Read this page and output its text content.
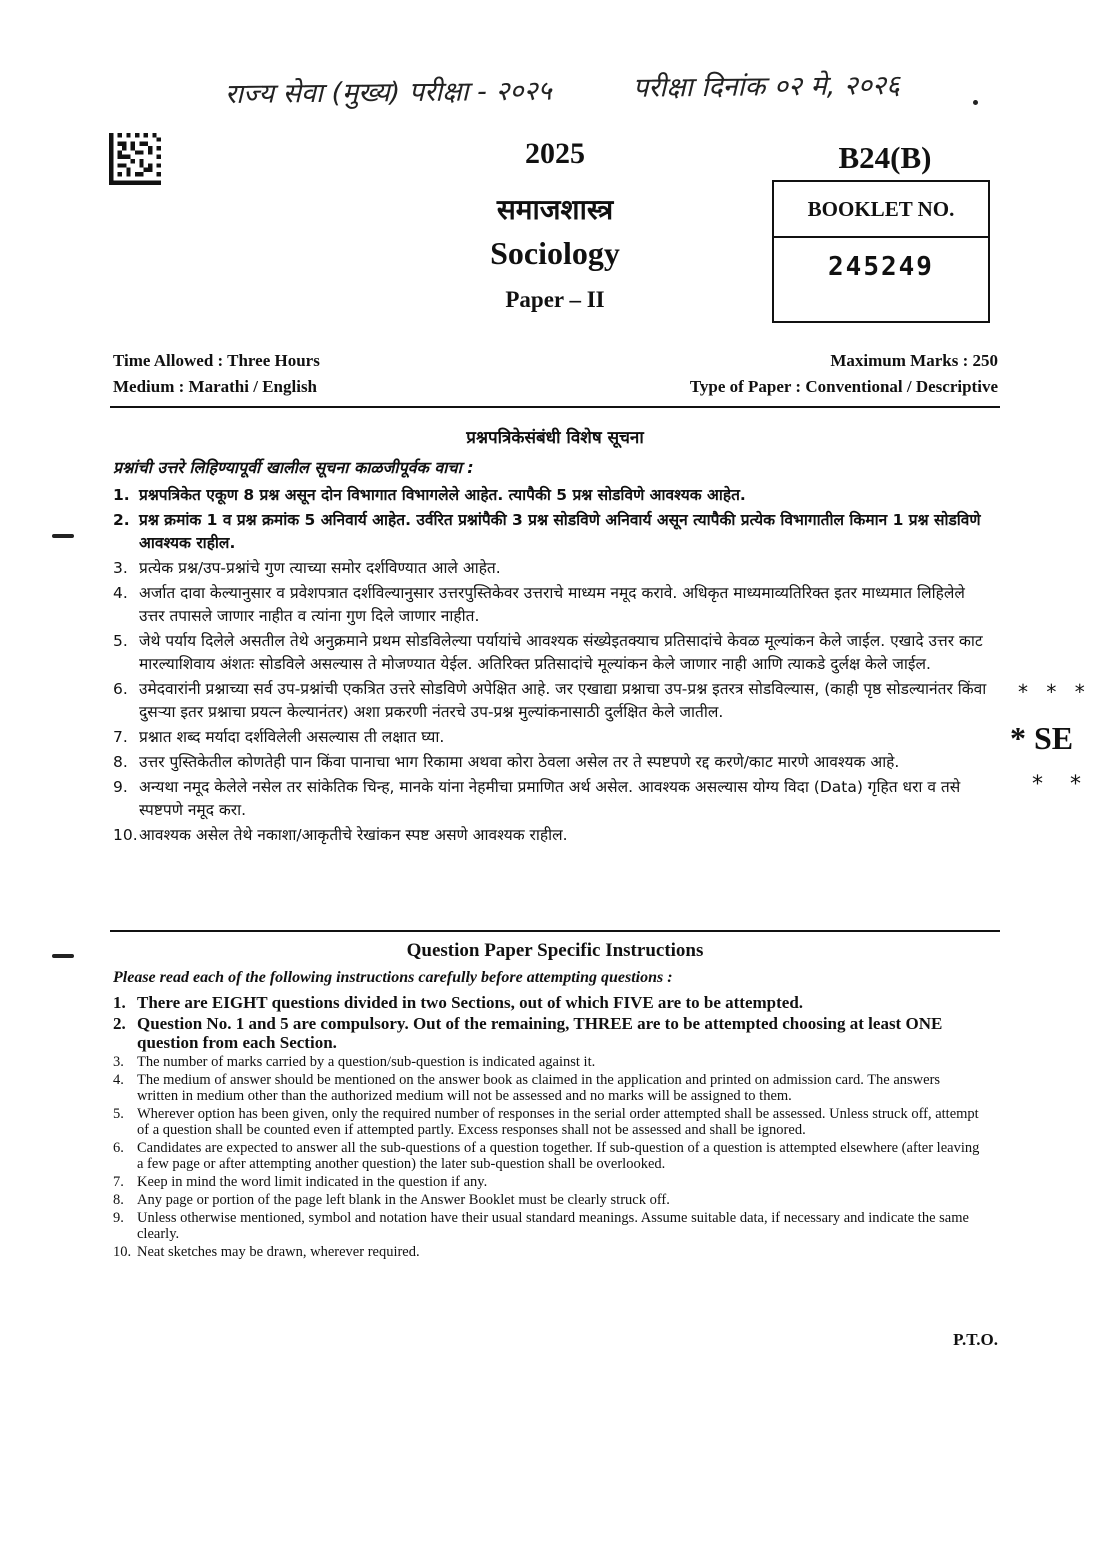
राज्य सेवा (मुख्य) परीक्षा - २०२५	परीक्षा दिनांक ०२ मे, २०२६
2025	B24(B)
BOOKLET NO.
245249
समाजशास्त्र
Sociology
Paper – II
Time Allowed : Three Hours
Medium : Marathi / English
Maximum Marks : 250
Type of Paper : Conventional / Descriptive
प्रश्नपत्रिकेसंबंधी विशेष सूचना
प्रश्नांची उत्तरे लिहिण्यापूर्वी खालील सूचना काळजीपूर्वक वाचा :
1. प्रश्नपत्रिकेत एकूण 8 प्रश्न असून दोन विभागात विभागलेले आहेत. त्यापैकी 5 प्रश्न सोडविणे आवश्यक आहेत.
2. प्रश्न क्रमांक 1 व प्रश्न क्रमांक 5 अनिवार्य आहेत. उर्वरित प्रश्नांपैकी 3 प्रश्न सोडविणे अनिवार्य असून त्यापैकी प्रत्येक विभागातील किमान 1 प्रश्न सोडविणे आवश्यक राहील.
3. प्रत्येक प्रश्न/उप-प्रश्नांचे गुण त्याच्या समोर दर्शविण्यात आले आहेत.
4. अर्जात दावा केल्यानुसार व प्रवेशपत्रात दर्शविल्यानुसार उत्तरपुस्तिकेवर उत्तराचे माध्यम नमूद करावे. अधिकृत माध्यमाव्यतिरिक्त इतर माध्यमात लिहिलेले उत्तर तपासले जाणार नाहीत व त्यांना गुण दिले जाणार नाहीत.
5. जेथे पर्याय दिलेले असतील तेथे अनुक्रमाने प्रथम सोडविलेल्या पर्यायांचे आवश्यक संख्येइतक्याच प्रतिसादांचे केवळ मूल्यांकन केले जाईल. एखादे उत्तर काट मारल्याशिवाय अंशतः सोडविले असल्यास ते मोजण्यात येईल. अतिरिक्त प्रतिसादांचे मूल्यांकन केले जाणार नाही आणि त्याकडे दुर्लक्ष केले जाईल.
6. उमेदवारांनी प्रश्नाच्या सर्व उप-प्रश्नांची एकत्रित उत्तरे सोडविणे अपेक्षित आहे. जर एखाद्या प्रश्नाचा उप-प्रश्न इतरत्र सोडविल्यास, (काही पृष्ठ सोडल्यानंतर किंवा दुसऱ्या इतर प्रश्नाचा प्रयत्न केल्यानंतर) अशा प्रकरणी नंतरचे उप-प्रश्न मुल्यांकनासाठी दुर्लक्षित केले जातील.
7. प्रश्नात शब्द मर्यादा दर्शविलेली असल्यास ती लक्षात घ्या.
8. उत्तर पुस्तिकेतील कोणतेही पान किंवा पानाचा भाग रिकामा अथवा कोरा ठेवला असेल तर ते स्पष्टपणे रद्द करणे/काट मारणे आवश्यक आहे.
9. अन्यथा नमूद केलेले नसेल तर सांकेतिक चिन्ह, मानके यांना नेहमीचा प्रमाणित अर्थ असेल. आवश्यक असल्यास योग्य विदा (Data) गृहित धरा व तसे स्पष्टपणे नमूद करा.
10. आवश्यक असेल तेथे नकाशा/आकृतीचे रेखांकन स्पष्ट असणे आवश्यक राहील.
Question Paper Specific Instructions
Please read each of the following instructions carefully before attempting questions :
1. There are EIGHT questions divided in two Sections, out of which FIVE are to be attempted.
2. Question No. 1 and 5 are compulsory. Out of the remaining, THREE are to be attempted choosing at least ONE question from each Section.
3. The number of marks carried by a question/sub-question is indicated against it.
4. The medium of answer should be mentioned on the answer book as claimed in the application and printed on admission card. The answers written in medium other than the authorized medium will not be assessed and no marks will be assigned to them.
5. Wherever option has been given, only the required number of responses in the serial order attempted shall be assessed. Unless struck off, attempt of a question shall be counted even if attempted partly. Excess responses shall not be assessed and shall be ignored.
6. Candidates are expected to answer all the sub-questions of a question together. If sub-question of a question is attempted elsewhere (after leaving a few page or after attempting another question) the later sub-question shall be overlooked.
7. Keep in mind the word limit indicated in the question if any.
8. Any page or portion of the page left blank in the Answer Booklet must be clearly struck off.
9. Unless otherwise mentioned, symbol and notation have their usual standard meanings. Assume suitable data, if necessary and indicate the same clearly.
10. Neat sketches may be drawn, wherever required.
P.T.O.
* * *
* SE
* *
